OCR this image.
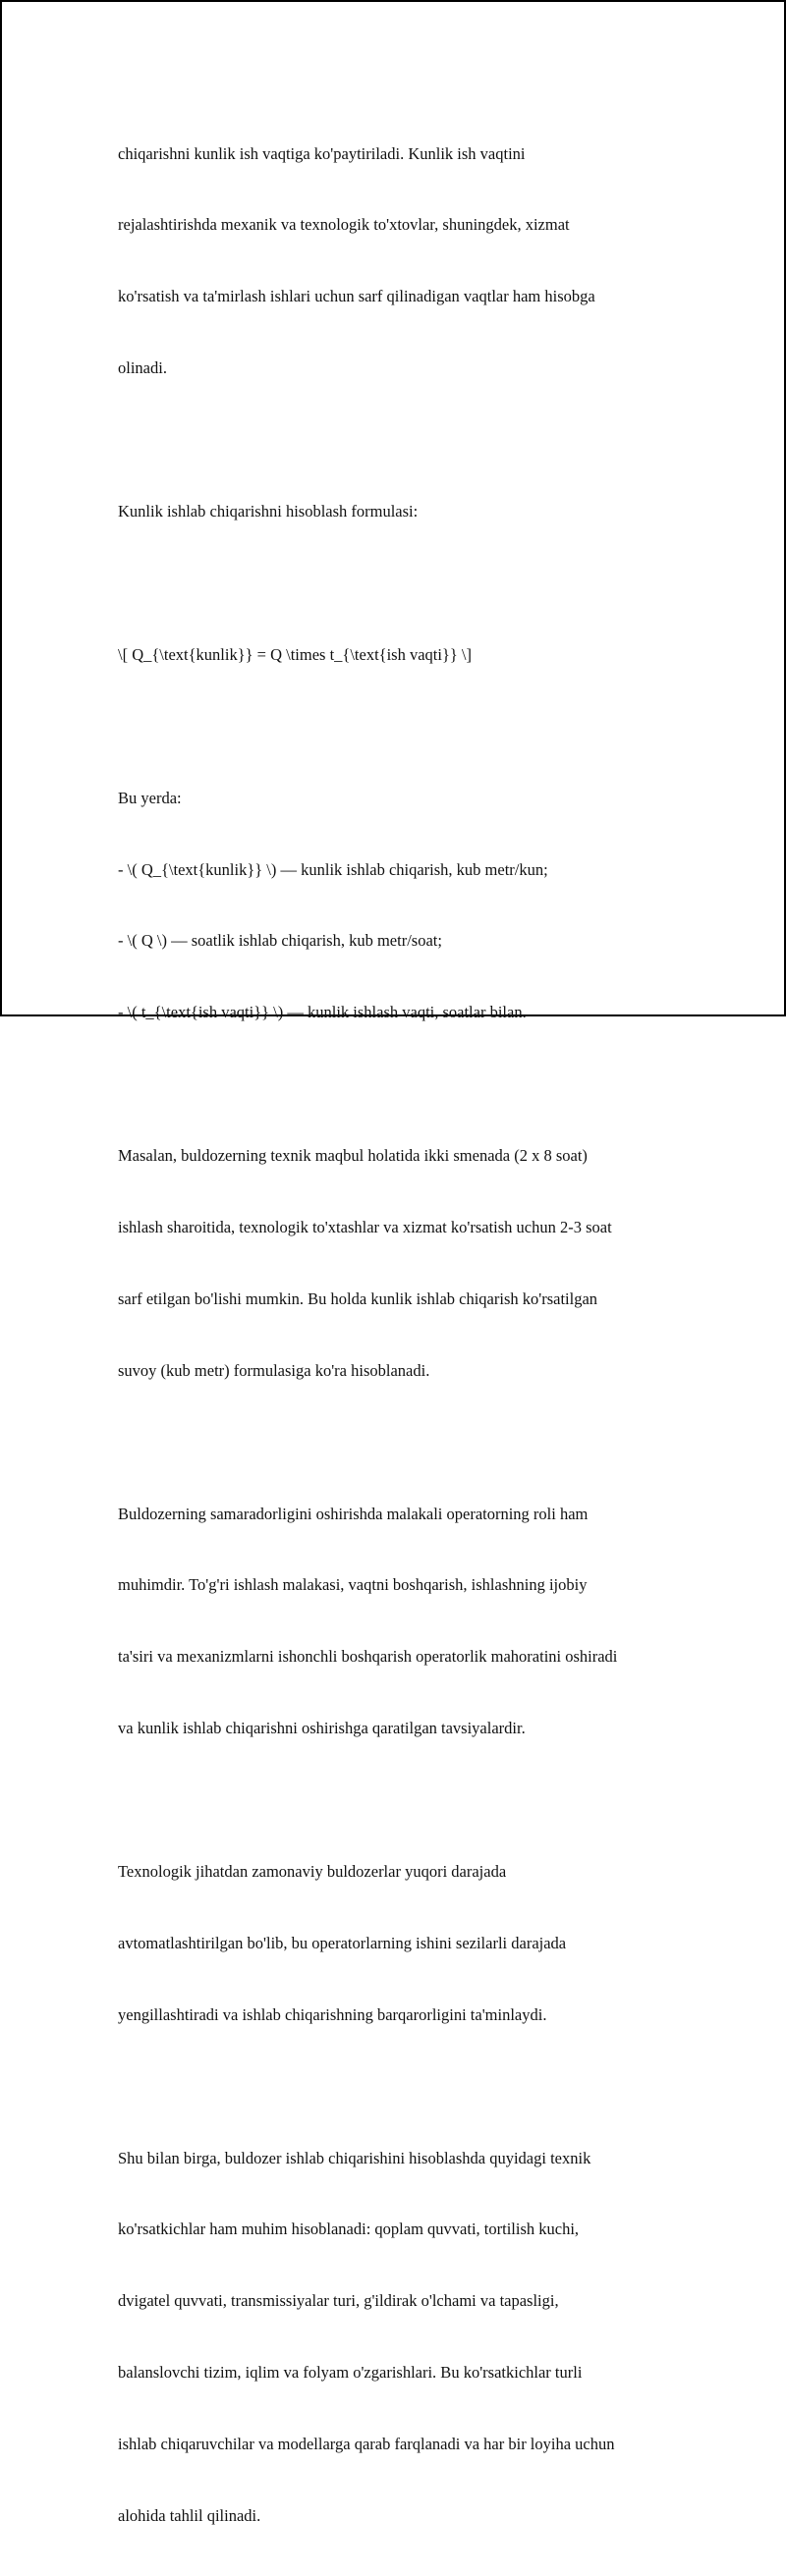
chiqarishni kunlik ish vaqtiga ko'paytiriladi. Kunlik ish vaqtini

rejalashtirishda mexanik va texnologik to'xtovlar, shuningdek, xizmat

ko'rsatish va ta'mirlash ishlari uchun sarf qilinadigan vaqtlar ham hisobga

olinadi.

Kunlik ishlab chiqarishni hisoblash formulasi:

\[ Q_{\text{kunlik}} = Q \times t_{\text{ish vaqti}} \]

Bu yerda:

- \( Q_{\text{kunlik}} \) — kunlik ishlab chiqarish, kub metr/kun;

- \( Q \) — soatlik ishlab chiqarish, kub metr/soat;

- \( t_{\text{ish vaqti}} \) — kunlik ishlash vaqti, soatlar bilan.

Masalan, buldozerning texnik maqbul holatida ikki smenada (2 x 8 soat)

ishlash sharoitida, texnologik to'xtashlar va xizmat ko'rsatish uchun 2-3 soat

sarf etilgan bo'lishi mumkin. Bu holda kunlik ishlab chiqarish ko'rsatilgan

suvoy (kub metr) formulasiga ko'ra hisoblanadi.

Buldozerning samaradorligini oshirishda malakali operatorning roli ham

muhimdir. To'g'ri ishlash malakasi, vaqtni boshqarish, ishlashning ijobiy

ta'siri va mexanizmlarni ishonchli boshqarish operatorlik mahoratini oshiradi

va kunlik ishlab chiqarishni oshirishga qaratilgan tavsiyalardir.

Texnologik jihatdan zamonaviy buldozerlar yuqori darajada

avtomatlashtirilgan bo'lib, bu operatorlarning ishini sezilarli darajada

yengillashtiradi va ishlab chiqarishning barqarorligini ta'minlaydi.

Shu bilan birga, buldozer ishlab chiqarishini hisoblashda quyidagi texnik

ko'rsatkichlar ham muhim hisoblanadi: qoplam quvvati, tortilish kuchi,

dvigatel quvvati, transmissiyalar turi, g'ildirak o'lchami va tapasligi,

balanslovchi tizim, iqlim va folyam o'zgarishlari. Bu ko'rsatkichlar turli

ishlab chiqaruvchilar va modellarga qarab farqlanadi va har bir loyiha uchun

alohida tahlil qilinadi.
